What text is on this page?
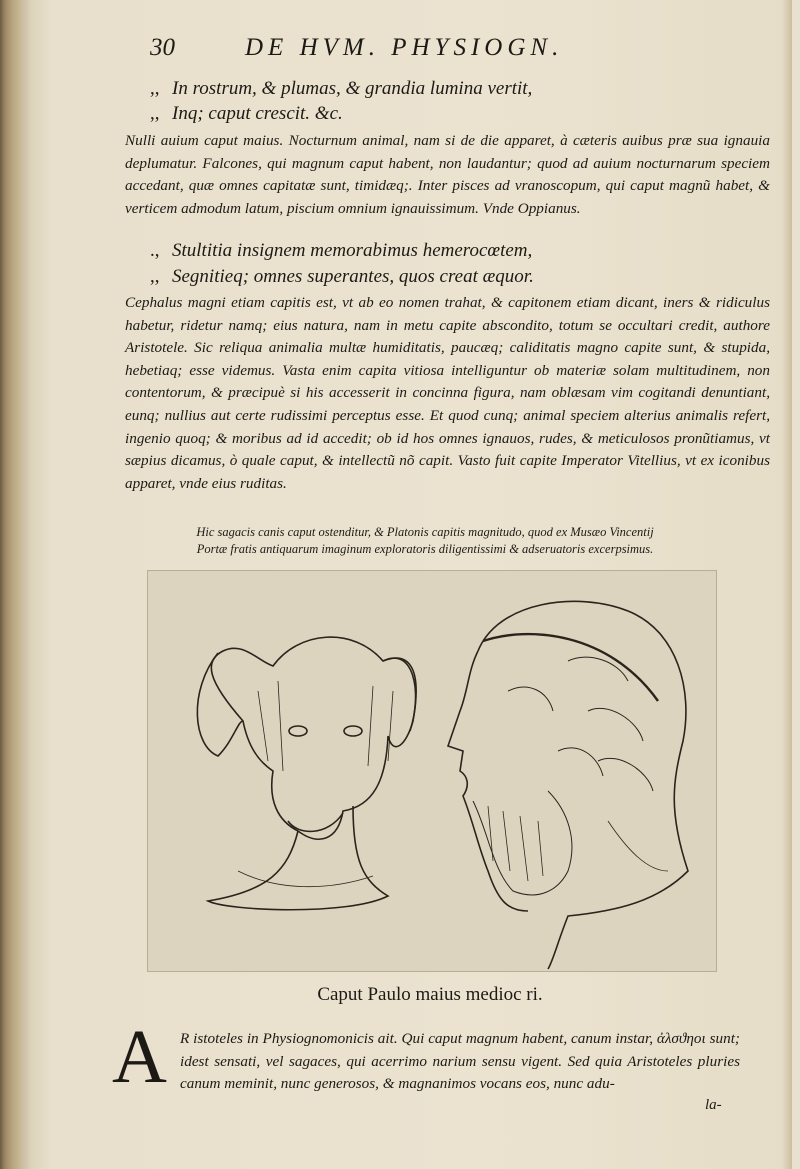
30	DE HVM. PHYSIOGN.
,, In rostrum, & plumas, & grandia lumina vertit,
,, Inq; caput crescit. &c.
Nulli auium caput maius. Nocturnum animal, nam si de die apparet, à cæteris auibus præ sua ignauia deplumatur. Falcones, qui magnum caput habent, non laudantur; quod ad auium nocturnarum speciem accedant, quæ omnes capitatæ sunt, timidæq;. Inter pisces ad vranoscopum, qui caput magnũ habet, & verticem admodum latum, piscium omnium ignauissimum. Vnde Oppianus.
., Stultitia insignem memorabimus hemerocœtem,
,, Segnitieq; omnes superantes, quos creat æquor.
Cephalus magni etiam capitis est, vt ab eo nomen trahat, & capitonem etiam dicant, iners & ridiculus habetur, ridetur namq; eius natura, nam in metu capite abscondito, totum se occultari credit, authore Aristotele. Sic reliqua animalia multæ humiditatis, paucæq; caliditatis magno capite sunt, & stupida, hebetiaq; esse videmus. Vasta enim capita vitiosa intelliguntur ob materiæ solam multitudinem, non contentorum, & præcipuè si his accesserit in concinna figura, nam oblæsam vim cogitandi denuntiant, eunq; nullius aut certe rudissimi perceptus esse. Et quod cunq; animal speciem alterius animalis refert, ingenio quoq; & moribus ad id accedit; ob id hos omnes ignauos, rudes, & meticulosos pronũtiamus, vt sæpius dicamus, ò quale caput, & intellectũ nõ capit. Vasto fuit capite Imperator Vitellius, vt ex iconibus apparet, vnde eius ruditas.
Hic sagacis canis caput ostenditur, & Platonis capitis magnitudo, quod ex Musæo Vincentij Portæ fratis antiquarum imaginum exploratoris diligentissimi & adseruatoris excerpsimus.
Caput Paulo maius medioc ri.
A R istoteles in Physiognomonicis ait. Qui caput magnum habent, canum instar, ἀλσϑηοι sunt; idest sensati, vel sagaces, qui acerrimo narium sensu vigent. Sed quia Aristoteles pluries canum meminit, nunc generosos, & magnanimos vocans eos, nunc adu-
la-
